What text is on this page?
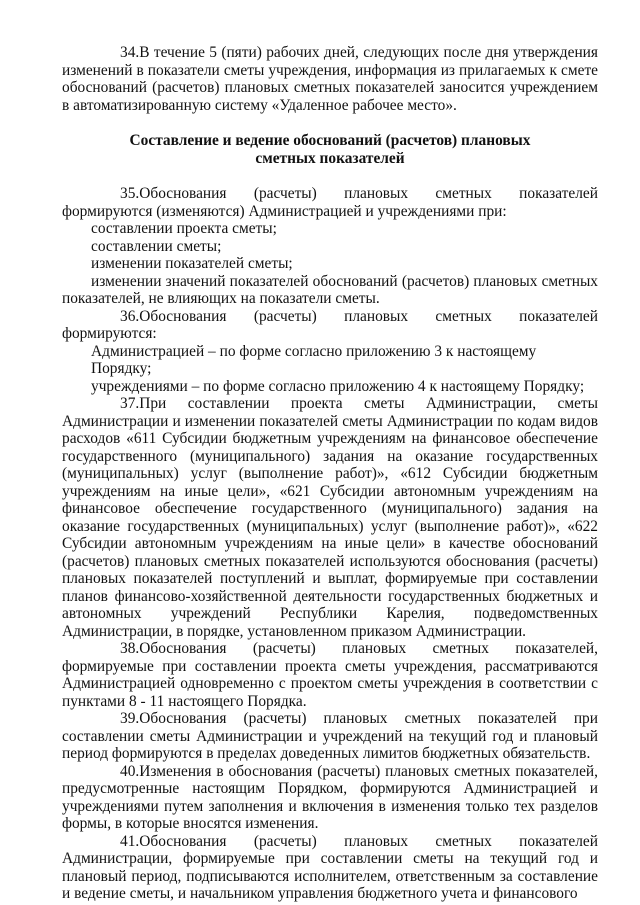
34.В течение 5 (пяти) рабочих дней, следующих после дня утверждения изменений в показатели сметы учреждения, информация из прилагаемых к смете обоснований (расчетов) плановых сметных показателей заносится учреждением в автоматизированную систему «Удаленное рабочее место».

Составление и ведение обоснований (расчетов) плановых
сметных показателей

35.Обоснования (расчеты) плановых сметных показателей формируются (изменяются) Администрацией и учреждениями при:

составлении проекта сметы;

составлении сметы;

изменении показателей сметы;

изменении значений показателей обоснований (расчетов) плановых сметных показателей, не влияющих на показатели сметы.

36.Обоснования (расчеты) плановых сметных показателей формируются:

Администрацией – по форме согласно приложению 3 к настоящему Порядку;

учреждениями – по форме согласно приложению 4 к настоящему Порядку;

37.При составлении проекта сметы Администрации, сметы Администрации и изменении показателей сметы Администрации по кодам видов расходов «611 Субсидии бюджетным учреждениям на финансовое обеспечение государственного (муниципального) задания на оказание государственных (муниципальных) услуг (выполнение работ)», «612 Субсидии бюджетным учреждениям на иные цели», «621 Субсидии автономным учреждениям на финансовое обеспечение государственного (муниципального) задания на оказание государственных (муниципальных) услуг (выполнение работ)», «622 Субсидии автономным учреждениям на иные цели» в качестве обоснований (расчетов) плановых сметных показателей используются обоснования (расчеты) плановых показателей поступлений и выплат, формируемые при составлении планов финансово-хозяйственной деятельности государственных бюджетных и автономных учреждений Республики Карелия, подведомственных Администрации, в порядке, установленном приказом Администрации.

38.Обоснования (расчеты) плановых сметных показателей, формируемые при составлении проекта сметы учреждения, рассматриваются Администрацией одновременно с проектом сметы учреждения в соответствии с пунктами 8 - 11 настоящего Порядка.

39.Обоснования (расчеты) плановых сметных показателей при составлении сметы Администрации и учреждений на текущий год и плановый период формируются в пределах доведенных лимитов бюджетных обязательств.

40.Изменения в обоснования (расчеты) плановых сметных показателей, предусмотренные настоящим Порядком, формируются Администрацией и учреждениями путем заполнения и включения в изменения только тех разделов формы, в которые вносятся изменения.

41.Обоснования (расчеты) плановых сметных показателей Администрации, формируемые при составлении сметы на текущий год и плановый период, подписываются исполнителем, ответственным за составление и ведение сметы, и начальником управления бюджетного учета и финансового
